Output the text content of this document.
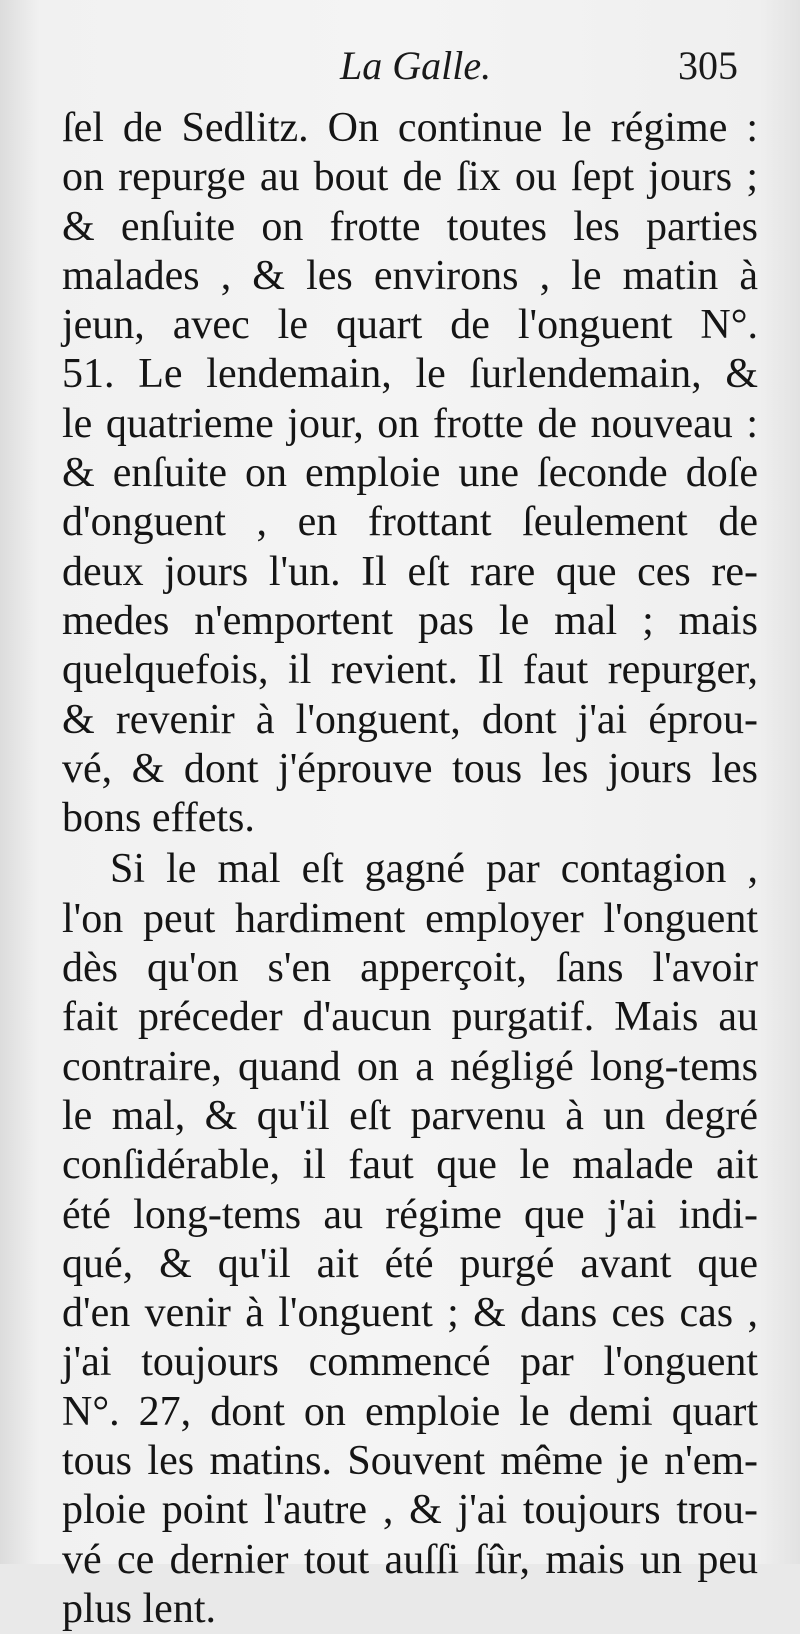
La Galle.	305
ſel de Sedlitz. On continue le régime :
on repurge au bout de ſix ou ſept jours ;
& enſuite on frotte toutes les parties
malades , & les environs , le matin à
jeun, avec le quart de l'onguent N°.
51. Le lendemain, le ſurlendemain, &
le quatrieme jour, on frotte de nouveau :
& enſuite on emploie une ſeconde doſe
d'onguent , en frottant ſeulement de
deux jours l'un. Il eſt rare que ces re-
medes n'emportent pas le mal ; mais
quelquefois, il revient. Il faut repurger,
& revenir à l'onguent, dont j'ai éprou-
vé, & dont j'éprouve tous les jours les
bons effets.
Si le mal eſt gagné par contagion ,
l'on peut hardiment employer l'onguent
dès qu'on s'en apperçoit, ſans l'avoir
fait préceder d'aucun purgatif. Mais au
contraire, quand on a négligé long-tems
le mal, & qu'il eſt parvenu à un degré
conſidérable, il faut que le malade ait
été long-tems au régime que j'ai indi-
qué, & qu'il ait été purgé avant que
d'en venir à l'onguent ; & dans ces cas ,
j'ai toujours commencé par l'onguent
N°. 27, dont on emploie le demi quart
tous les matins. Souvent même je n'em-
ploie point l'autre , & j'ai toujours trou-
vé ce dernier tout auſſi ſûr, mais un peu
plus lent.
